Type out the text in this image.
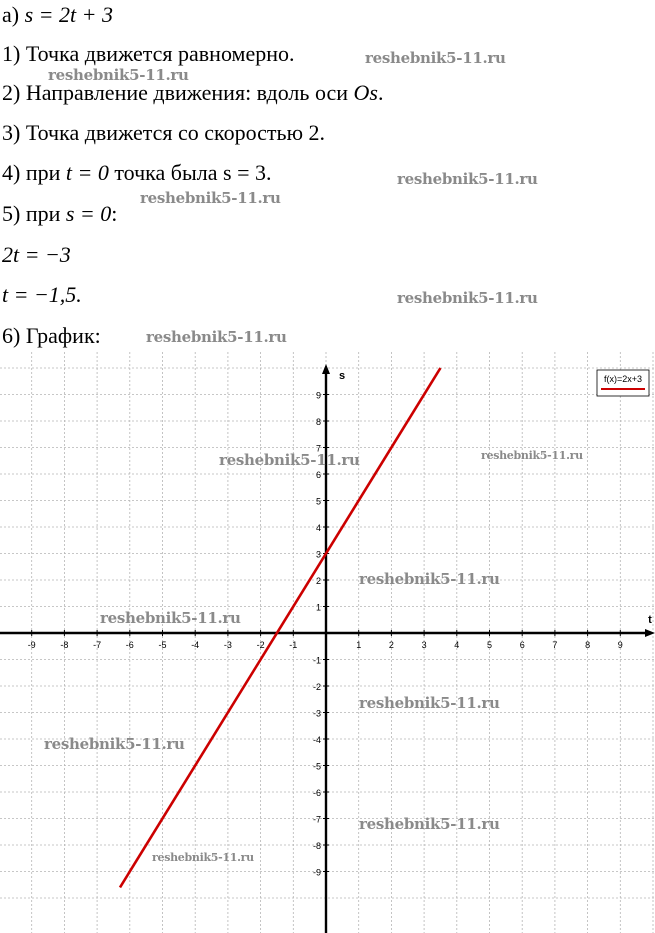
а) s = 2t + 3
1) Точка движется равномерно.
2) Направление движения: вдоль оси Os.
3) Точка движется со скоростью 2.
4) при t = 0 точка была s = 3.
5) при s = 0:
2t = −3
t = −1,5.
6) График:
reshebnik5-11.ru
reshebnik5-11.ru
reshebnik5-11.ru
reshebnik5-11.ru
reshebnik5-11.ru
reshebnik5-11.ru
-9	-8	-7	-6	-5	-4	-3	-2	-1	1	2	3	4	5	6	7	8	9
9
8
7
6
5
4
3
2
1
-1
-2
-3
-4
-5
-6
-7
-8
-9
t
s	f(x)=2x+3
reshebnik5-11.ru	reshebnik5-11.ru
reshebnik5-11.ru
reshebnik5-11.ru
reshebnik5-11.ru
reshebnik5-11.ru
reshebnik5-11.ru
reshebnik5-11.ru
